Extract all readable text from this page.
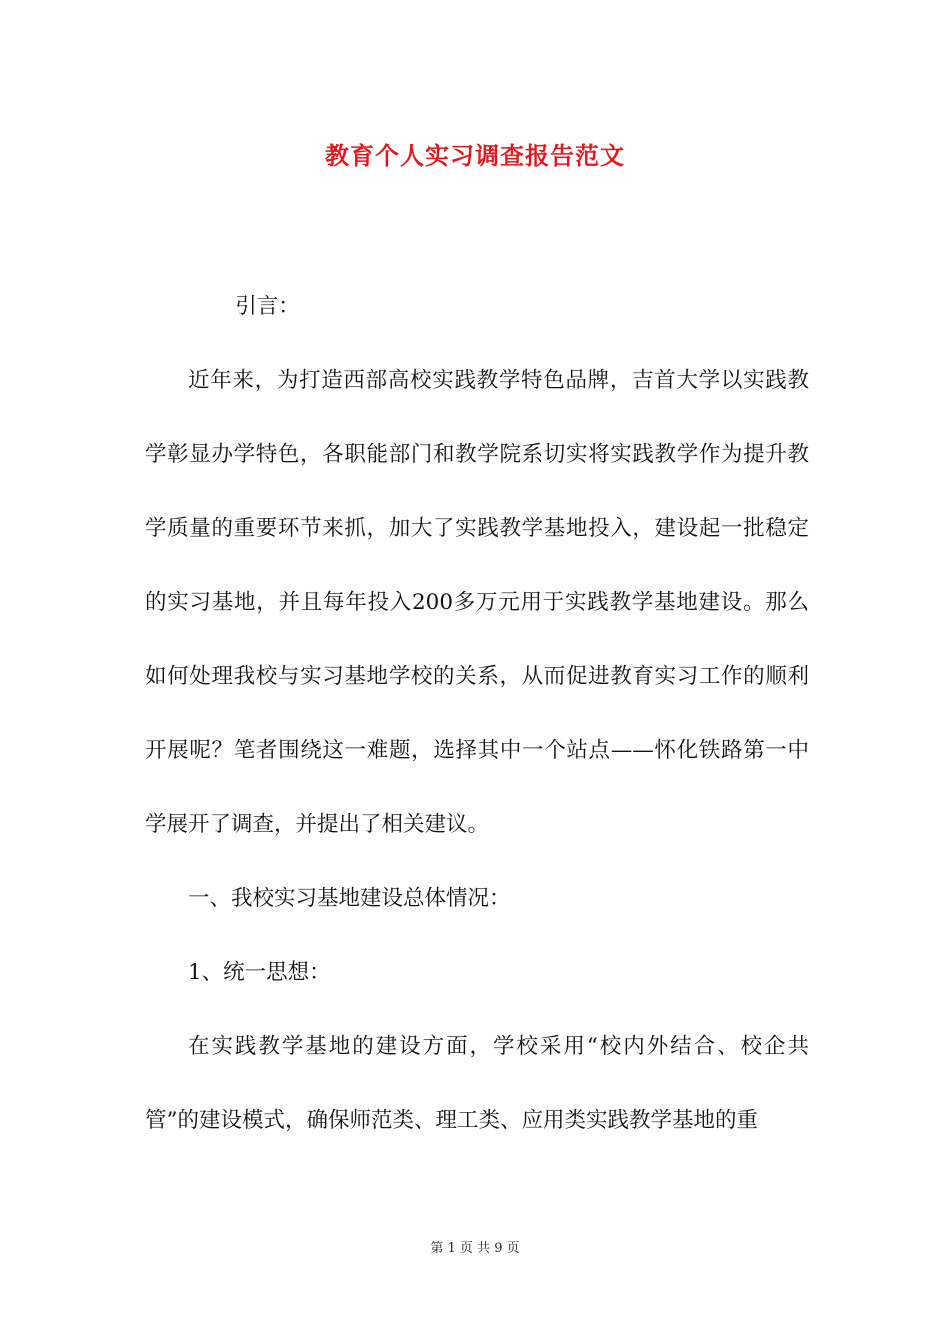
教育个人实习调查报告范文

引言：

近年来，为打造西部高校实践教学特色品牌，吉首大学以实践教学彰显办学特色，各职能部门和教学院系切实将实践教学作为提升教学质量的重要环节来抓，加大了实践教学基地投入，建设起一批稳定的实习基地，并且每年投入200多万元用于实践教学基地建设。那么如何处理我校与实习基地学校的关系，从而促进教育实习工作的顺利开展呢？笔者围绕这一难题，选择其中一个站点——怀化铁路第一中学展开了调查，并提出了相关建议。

一、我校实习基地建设总体情况：

1、统一思想：

在实践教学基地的建设方面，学校采用“校内外结合、校企共管”的建设模式，确保师范类、理工类、应用类实践教学基地的重

第 1 页 共 9 页
